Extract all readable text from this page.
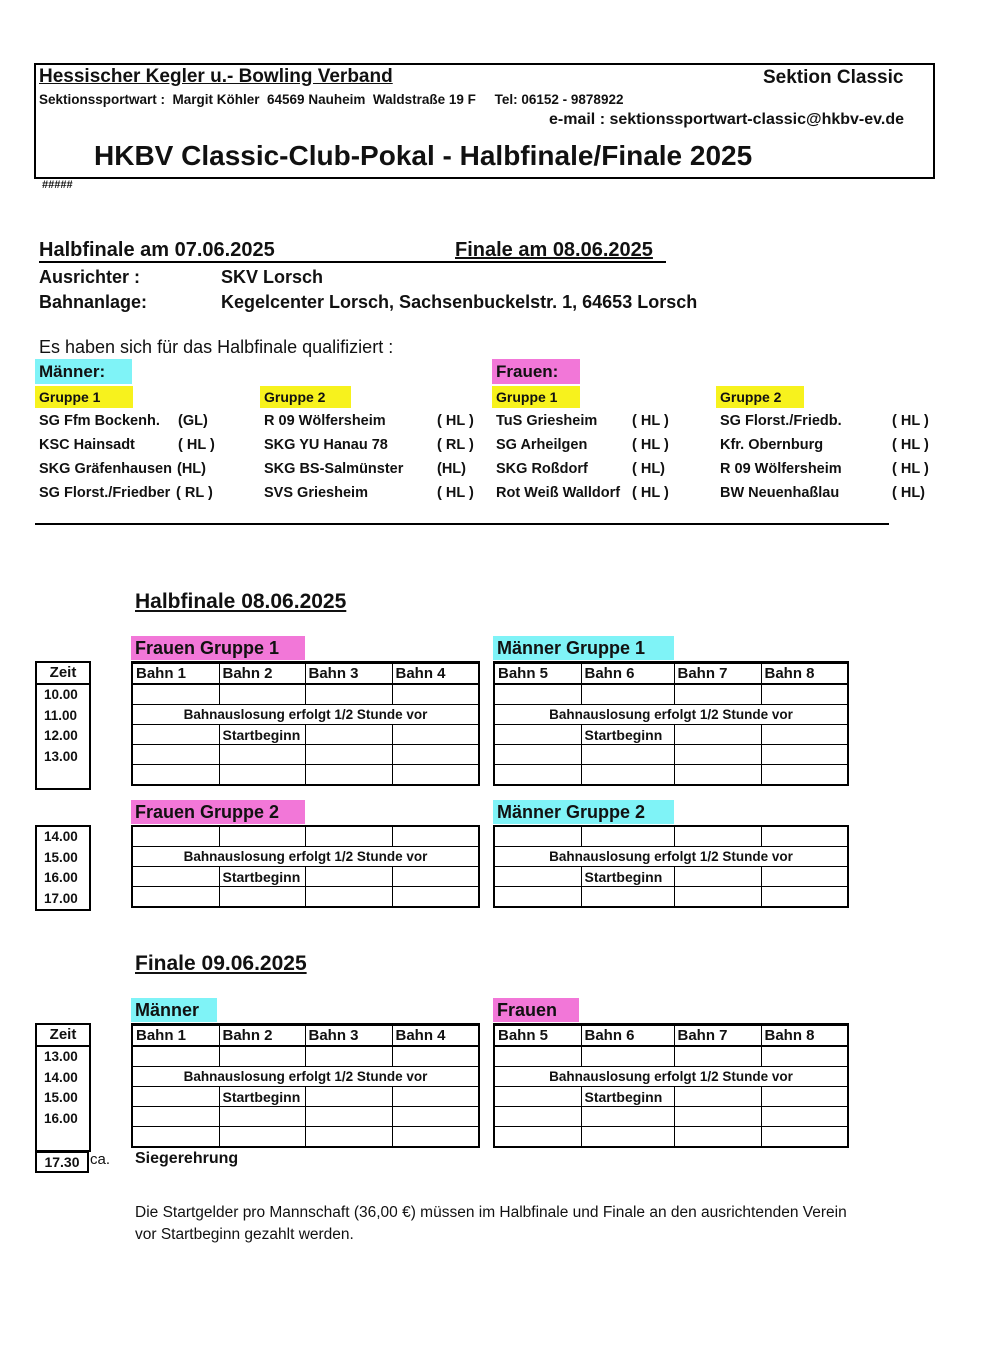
Hessischer Kegler u.- Bowling Verband	Sektion Classic
Sektionssportwart :  Margit Köhler  64569 Nauheim  Waldstraße 19 F     Tel: 06152 - 9878922
e-mail : sektionssportwart-classic@hkbv-ev.de
HKBV Classic-Club-Pokal - Halbfinale/Finale 2025
#####
Halbfinale am 07.06.2025	Finale am 08.06.2025
Ausrichter :	SKV Lorsch
Bahnanlage:	Kegelcenter Lorsch, Sachsenbuckelstr. 1, 64653 Lorsch
Es haben sich für das Halbfinale qualifiziert :
Männer:	Frauen:
Gruppe 1	Gruppe 2	Gruppe 1	Gruppe 2
SG Ffm Bockenh. (GL)
KSC Hainsadt	( HL )
SKG Gräfenhausen (HL)
SG Florst./Friedber ( RL )
R 09 Wölfersheim	( HL )
SKG YU Hanau 78	( RL )
SKG BS-Salmünster (HL)
SVS Griesheim	( HL )
TuS Griesheim ( HL )
SG Arheilgen	( HL )
SKG Roßdorf	( HL)
Rot Weiß Walldorf ( HL )
SG Florst./Friedb.	( HL )
Kfr. Obernburg	( HL )
R 09 Wölfersheim	( HL )
BW Neuenhaßlau	( HL)
Halbfinale 08.06.2025
Frauen Gruppe 1	Männer Gruppe 1
Zeit
10.00
11.00
12.00
13.00
Bahn 1	Bahn 2	Bahn 3	Bahn 4

Bahnauslosung erfolgt 1/2 Stunde vor			
	Startbeginn		

Bahn 5	Bahn 6	Bahn 7	Bahn 8

Bahnauslosung erfolgt 1/2 Stunde vor			
	Startbeginn		

Frauen Gruppe 2	Männer Gruppe 2
14.00
15.00
16.00
17.00

Bahnauslosung erfolgt 1/2 Stunde vor			
	Startbeginn		

Bahnauslosung erfolgt 1/2 Stunde vor			
	Startbeginn		

Finale 09.06.2025
Männer	Frauen
Zeit
13.00
14.00
15.00
16.00
Bahn 1	Bahn 2	Bahn 3	Bahn 4

Bahnauslosung erfolgt 1/2 Stunde vor			
	Startbeginn		

Bahn 5	Bahn 6	Bahn 7	Bahn 8

Bahnauslosung erfolgt 1/2 Stunde vor			
	Startbeginn		

17.30 ca. Siegerehrung
Die Startgelder pro Mannschaft (36,00 €) müssen im Halbfinale und Finale an den ausrichtenden Verein
vor Startbeginn gezahlt werden.
